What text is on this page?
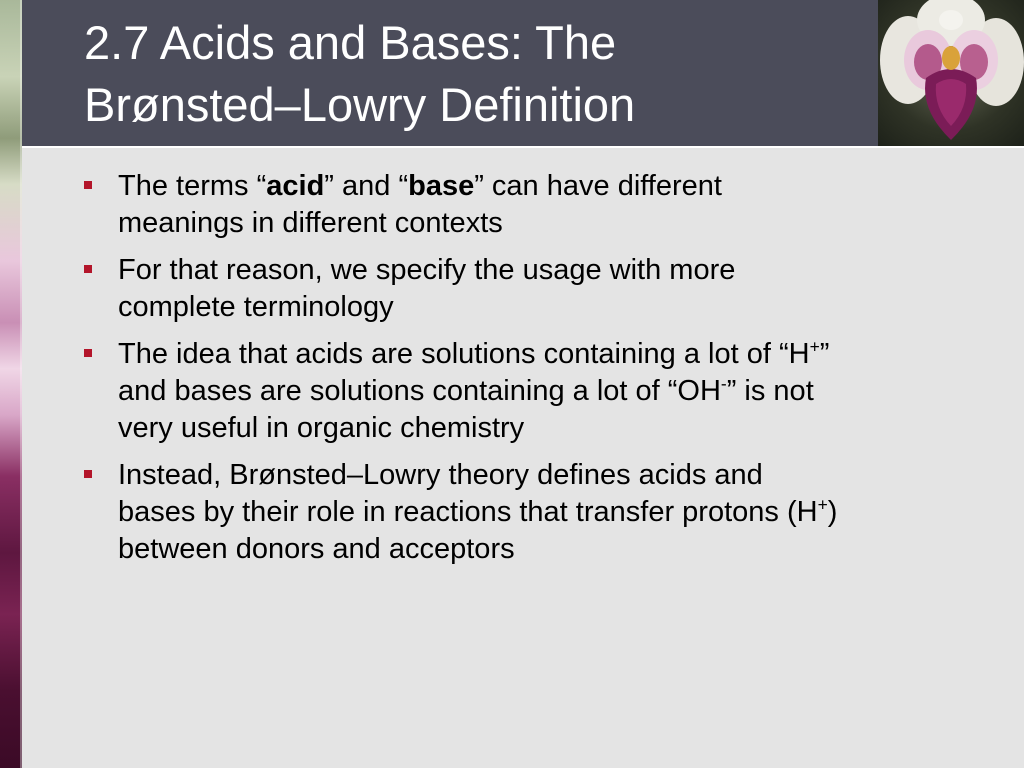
2.7 Acids and Bases: The
Brønsted–Lowry Definition
The terms “acid” and “base” can have different
meanings in different contexts
For that reason, we specify the usage with more
complete terminology
The idea that acids are solutions containing a lot of “H+”
and bases are solutions containing a lot of “OH-” is not
very useful in organic chemistry
Instead, Brønsted–Lowry theory defines acids and
bases by their role in reactions that transfer protons (H+)
between donors and acceptors
